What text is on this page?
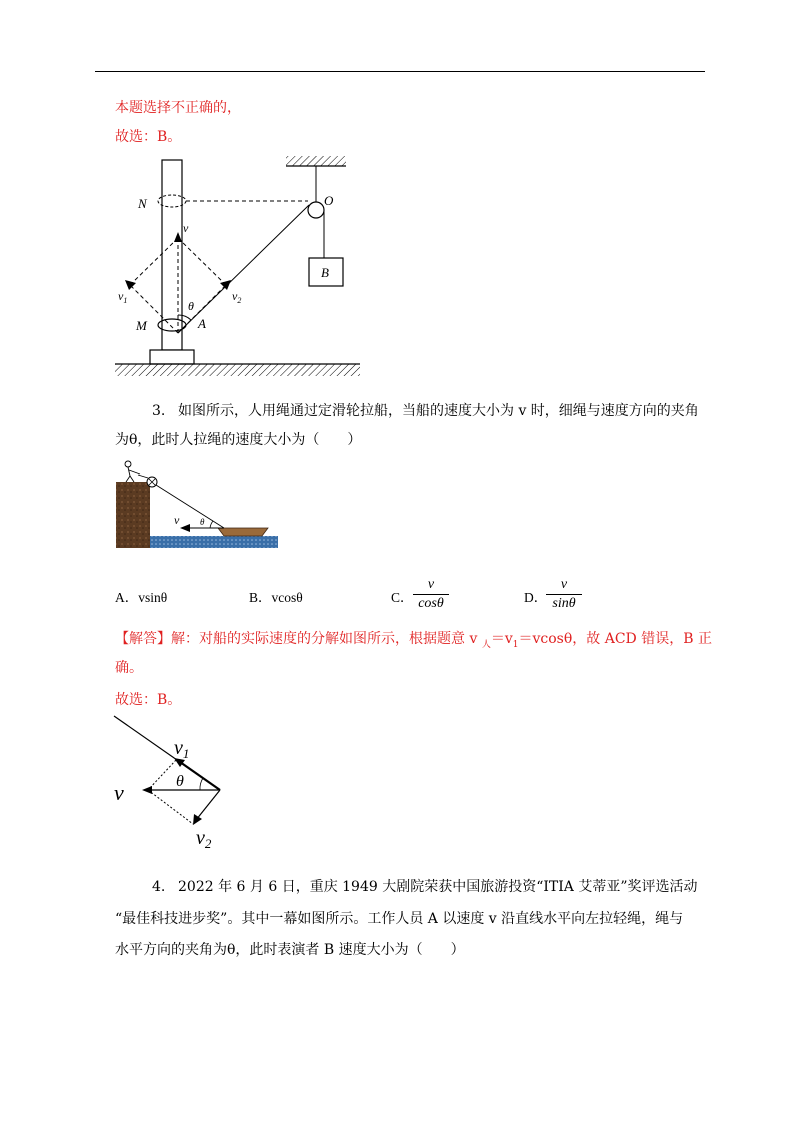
本题选择不正确的，
故选：B。
B
N	O
v
$v_1$	$v_2$
θ
M	A
3. 如图所示，人用绳通过定滑轮拉船，当船的速度大小为 v 时，细绳与速度方向的夹角
为θ，此时人拉绳的速度大小为（　　）
v θ
A．vsinθ	B．vcosθ	C．
v
cosθ	D．
v
sinθ
【解答】解：对船的实际速度的分解如图所示，根据题意 v $_人=v_1=vcos\theta$，故 ACD 错误，B 正
确。
故选：B。
$v_1$
θ
v
$v_2$
4. 2022 年 6 月 6 日，重庆 1949 大剧院荣获中国旅游投资“ITIA 艾蒂亚”奖评选活动
“最佳科技进步奖”。其中一幕如图所示。工作人员 A 以速度 v 沿直线水平向左拉轻绳，绳与
水平方向的夹角为θ，此时表演者 B 速度大小为（　　）
